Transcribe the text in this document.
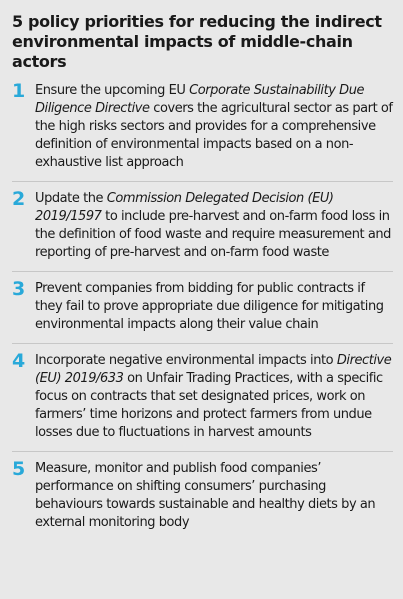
5 policy priorities for reducing the indirect
environmental impacts of middle-chain actors
1 Ensure the upcoming EU Corporate Sustainability Due Diligence Directive covers the agricultural sector as part of the high risks sectors and provides for a comprehensive definition of environmental impacts based on a non-exhaustive list approach
2 Update the Commission Delegated Decision (EU) 2019/1597 to include pre-harvest and on-farm food loss in the definition of food waste and require measurement and reporting of pre-harvest and on-farm food waste
3 Prevent companies from bidding for public contracts if they fail to prove appropriate due diligence for mitigating environmental impacts along their value chain
4 Incorporate negative environmental impacts into Directive (EU) 2019/633 on Unfair Trading Practices, with a specific focus on contracts that set designated prices, work on farmers’ time horizons and protect farmers from undue losses due to fluctuations in harvest amounts
5 Measure, monitor and publish food companies’ performance on shifting consumers’ purchasing behaviours towards sustainable and healthy diets by an external monitoring body
